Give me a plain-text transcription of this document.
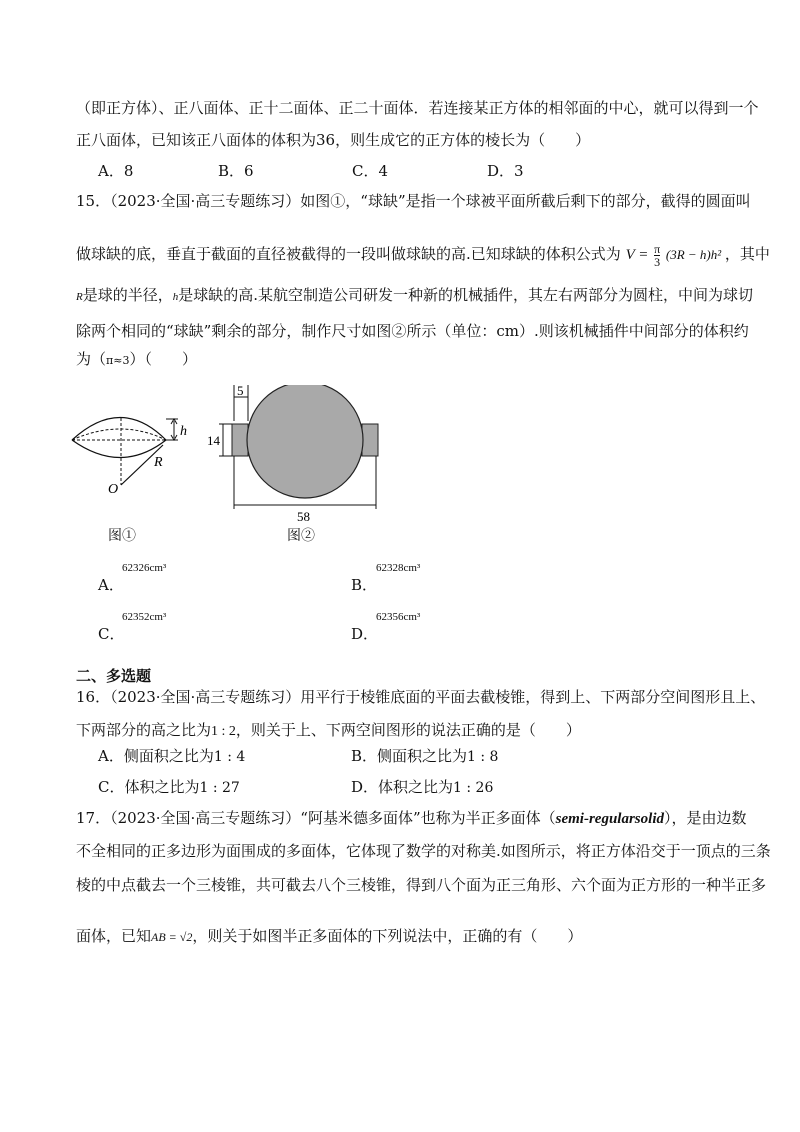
（即正方体）、正八面体、正十二面体、正二十面体．若连接某正方体的相邻面的中心，就可以得到一个
正八面体，已知该正八面体的体积为36，则生成它的正方体的棱长为（　　）
A．8	B．6	C．4	D．3
15．（2023·全国·高三专题练习）如图①，“球缺”是指一个球被平面所截后剩下的部分，截得的圆面叫
做球缺的底，垂直于截面的直径被截得的一段叫做球缺的高.已知球缺的体积公式为 $V = \frac{\pi}{3} (3R - h)h^2$ ，其中
R是球的半径，h是球缺的高.某航空制造公司研发一种新的机械插件，其左右两部分为圆柱，中间为球切
除两个相同的“球缺”剩余的部分，制作尺寸如图②所示（单位：cm）.则该机械插件中间部分的体积约
为（π≈3）（　　）
h
R
O
图①
5
14
58
图②
A．
62326cm³
B．
62328cm³
C．
62352cm³
D．
62356cm³
二、多选题
16．（2023·全国·高三专题练习）用平行于棱锥底面的平面去截棱锥，得到上、下两部分空间图形且上、
下两部分的高之比为1 : 2，则关于上、下两空间图形的说法正确的是（　　）
A．侧面积之比为1 : 4	B．侧面积之比为1 : 8
C．体积之比为1 : 27	D．体积之比为1 : 26
17．（2023·全国·高三专题练习）“阿基米德多面体”也称为半正多面体（semi-regularsolid），是由边数
不全相同的正多边形为面围成的多面体，它体现了数学的对称美.如图所示，将正方体沿交于一顶点的三条
棱的中点截去一个三棱锥，共可截去八个三棱锥，得到八个面为正三角形、六个面为正方形的一种半正多
面体，已知AB = √2，则关于如图半正多面体的下列说法中，正确的有（　　）
